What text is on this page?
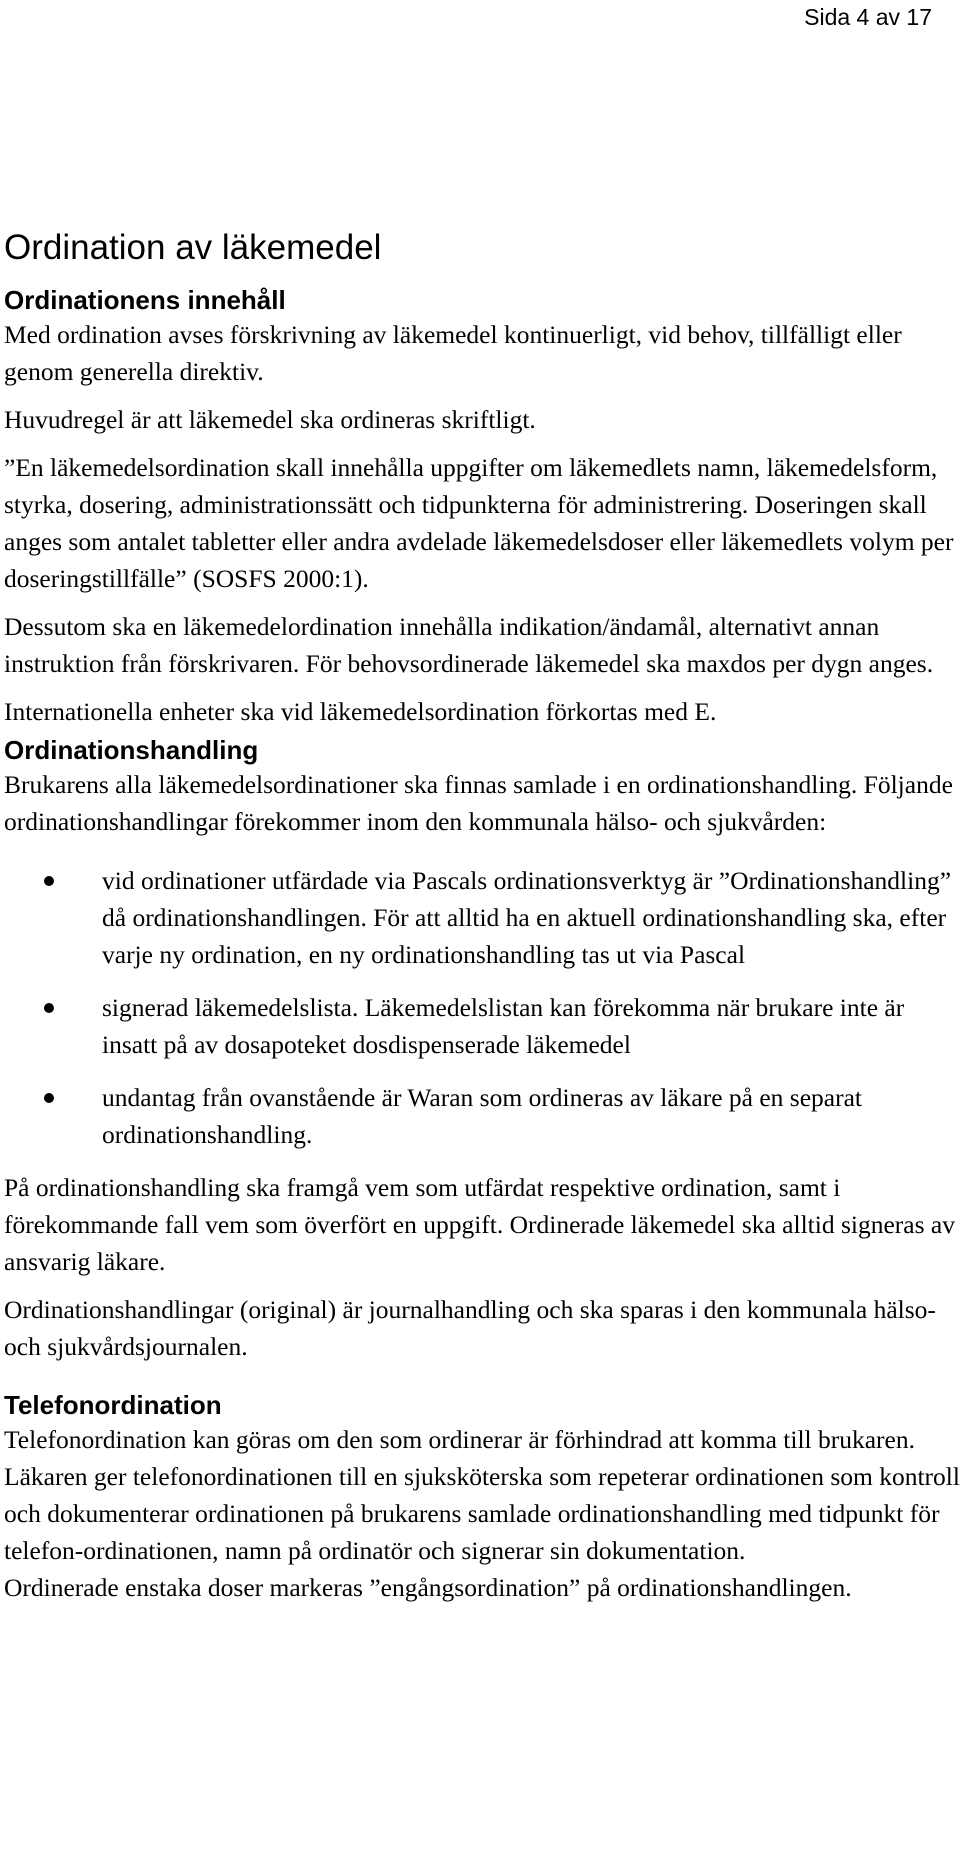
Sida 4 av 17
Ordination av läkemedel
Ordinationens innehåll

Med ordination avses förskrivning av läkemedel kontinuerligt, vid behov, tillfälligt eller genom generella direktiv.

Huvudregel är att läkemedel ska ordineras skriftligt.

”En läkemedelsordination skall innehålla uppgifter om läkemedlets namn, läkemedelsform, styrka, dosering, administrationssätt och tidpunkterna för administrering. Doseringen skall anges som antalet tabletter eller andra avdelade läkemedelsdoser eller läkemedlets volym per doseringstillfälle” (SOSFS 2000:1).

Dessutom ska en läkemedelordination innehålla indikation/ändamål, alternativt annan instruktion från förskrivaren. För behovsordinerade läkemedel ska maxdos per dygn anges.

Internationella enheter ska vid läkemedelsordination förkortas med E.

Ordinationshandling

Brukarens alla läkemedelsordinationer ska finnas samlade i en ordinationshandling. Följande ordinationshandlingar förekommer inom den kommunala hälso- och sjukvården:

vid ordinationer utfärdade via Pascals ordinationsverktyg är ”Ordinationshandling” då ordinationshandlingen. För att alltid ha en aktuell ordinationshandling ska, efter varje ny ordination, en ny ordinationshandling tas ut via Pascal
signerad läkemedelslista. Läkemedelslistan kan förekomma när brukare inte är insatt på av dosapoteket dosdispenserade läkemedel
undantag från ovanstående är Waran som ordineras av läkare på en separat ordinationshandling.

På ordinationshandling ska framgå vem som utfärdat respektive ordination, samt i förekommande fall vem som överfört en uppgift. Ordinerade läkemedel ska alltid signeras av ansvarig läkare.

Ordinationshandlingar (original) är journalhandling och ska sparas i den kommunala hälso- och sjukvårdsjournalen.

Telefonordination

Telefonordination kan göras om den som ordinerar är förhindrad att komma till brukaren. Läkaren ger telefonordinationen till en sjuksköterska som repeterar ordinationen som kontroll och dokumenterar ordinationen på brukarens samlade ordinationshandling med tidpunkt för telefon-ordinationen, namn på ordinatör och signerar sin dokumentation.

Ordinerade enstaka doser markeras ”engångsordination” på ordinationshandlingen.
